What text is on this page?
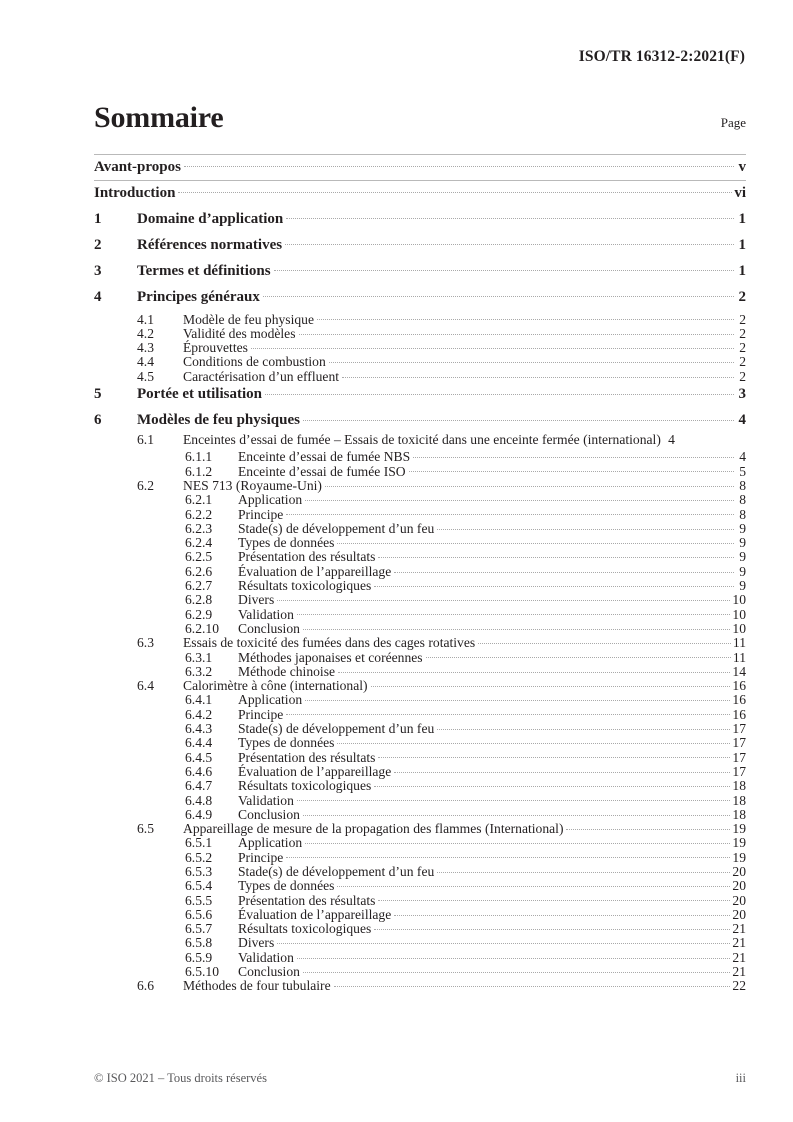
ISO/TR 16312-2:2021(F)
Sommaire	Page
Avant-propos	v
Introduction	vi
1	Domaine d’application	1
2	Références normatives	1
3	Termes et définitions	1
4	Principes généraux	2
4.1	Modèle de feu physique	2
4.2	Validité des modèles	2
4.3	Éprouvettes	2
4.4	Conditions de combustion	2
4.5	Caractérisation d’un effluent	2
5	Portée et utilisation	3
6	Modèles de feu physiques	4
6.1	Enceintes d’essai de fumée – Essais de toxicité dans une enceinte fermée (international) 4
6.1.1	Enceinte d’essai de fumée NBS	4
6.1.2	Enceinte d’essai de fumée ISO	5
6.2	NES 713 (Royaume-Uni)	8
6.2.1	Application	8
6.2.2	Principe	8
6.2.3	Stade(s) de développement d’un feu	9
6.2.4	Types de données	9
6.2.5	Présentation des résultats	9
6.2.6	Évaluation de l’appareillage	9
6.2.7	Résultats toxicologiques	9
6.2.8	Divers	10
6.2.9	Validation	10
6.2.10	Conclusion	10
6.3	Essais de toxicité des fumées dans des cages rotatives	11
6.3.1	Méthodes japonaises et coréennes	11
6.3.2	Méthode chinoise	14
6.4	Calorimètre à cône (international)	16
6.4.1	Application	16
6.4.2	Principe	16
6.4.3	Stade(s) de développement d’un feu	17
6.4.4	Types de données	17
6.4.5	Présentation des résultats	17
6.4.6	Évaluation de l’appareillage	17
6.4.7	Résultats toxicologiques	18
6.4.8	Validation	18
6.4.9	Conclusion	18
6.5	Appareillage de mesure de la propagation des flammes (International)	19
6.5.1	Application	19
6.5.2	Principe	19
6.5.3	Stade(s) de développement d’un feu	20
6.5.4	Types de données	20
6.5.5	Présentation des résultats	20
6.5.6	Évaluation de l’appareillage	20
6.5.7	Résultats toxicologiques	21
6.5.8	Divers	21
6.5.9	Validation	21
6.5.10	Conclusion	21
6.6	Méthodes de four tubulaire	22
© ISO 2021 – Tous droits réservés	iii
